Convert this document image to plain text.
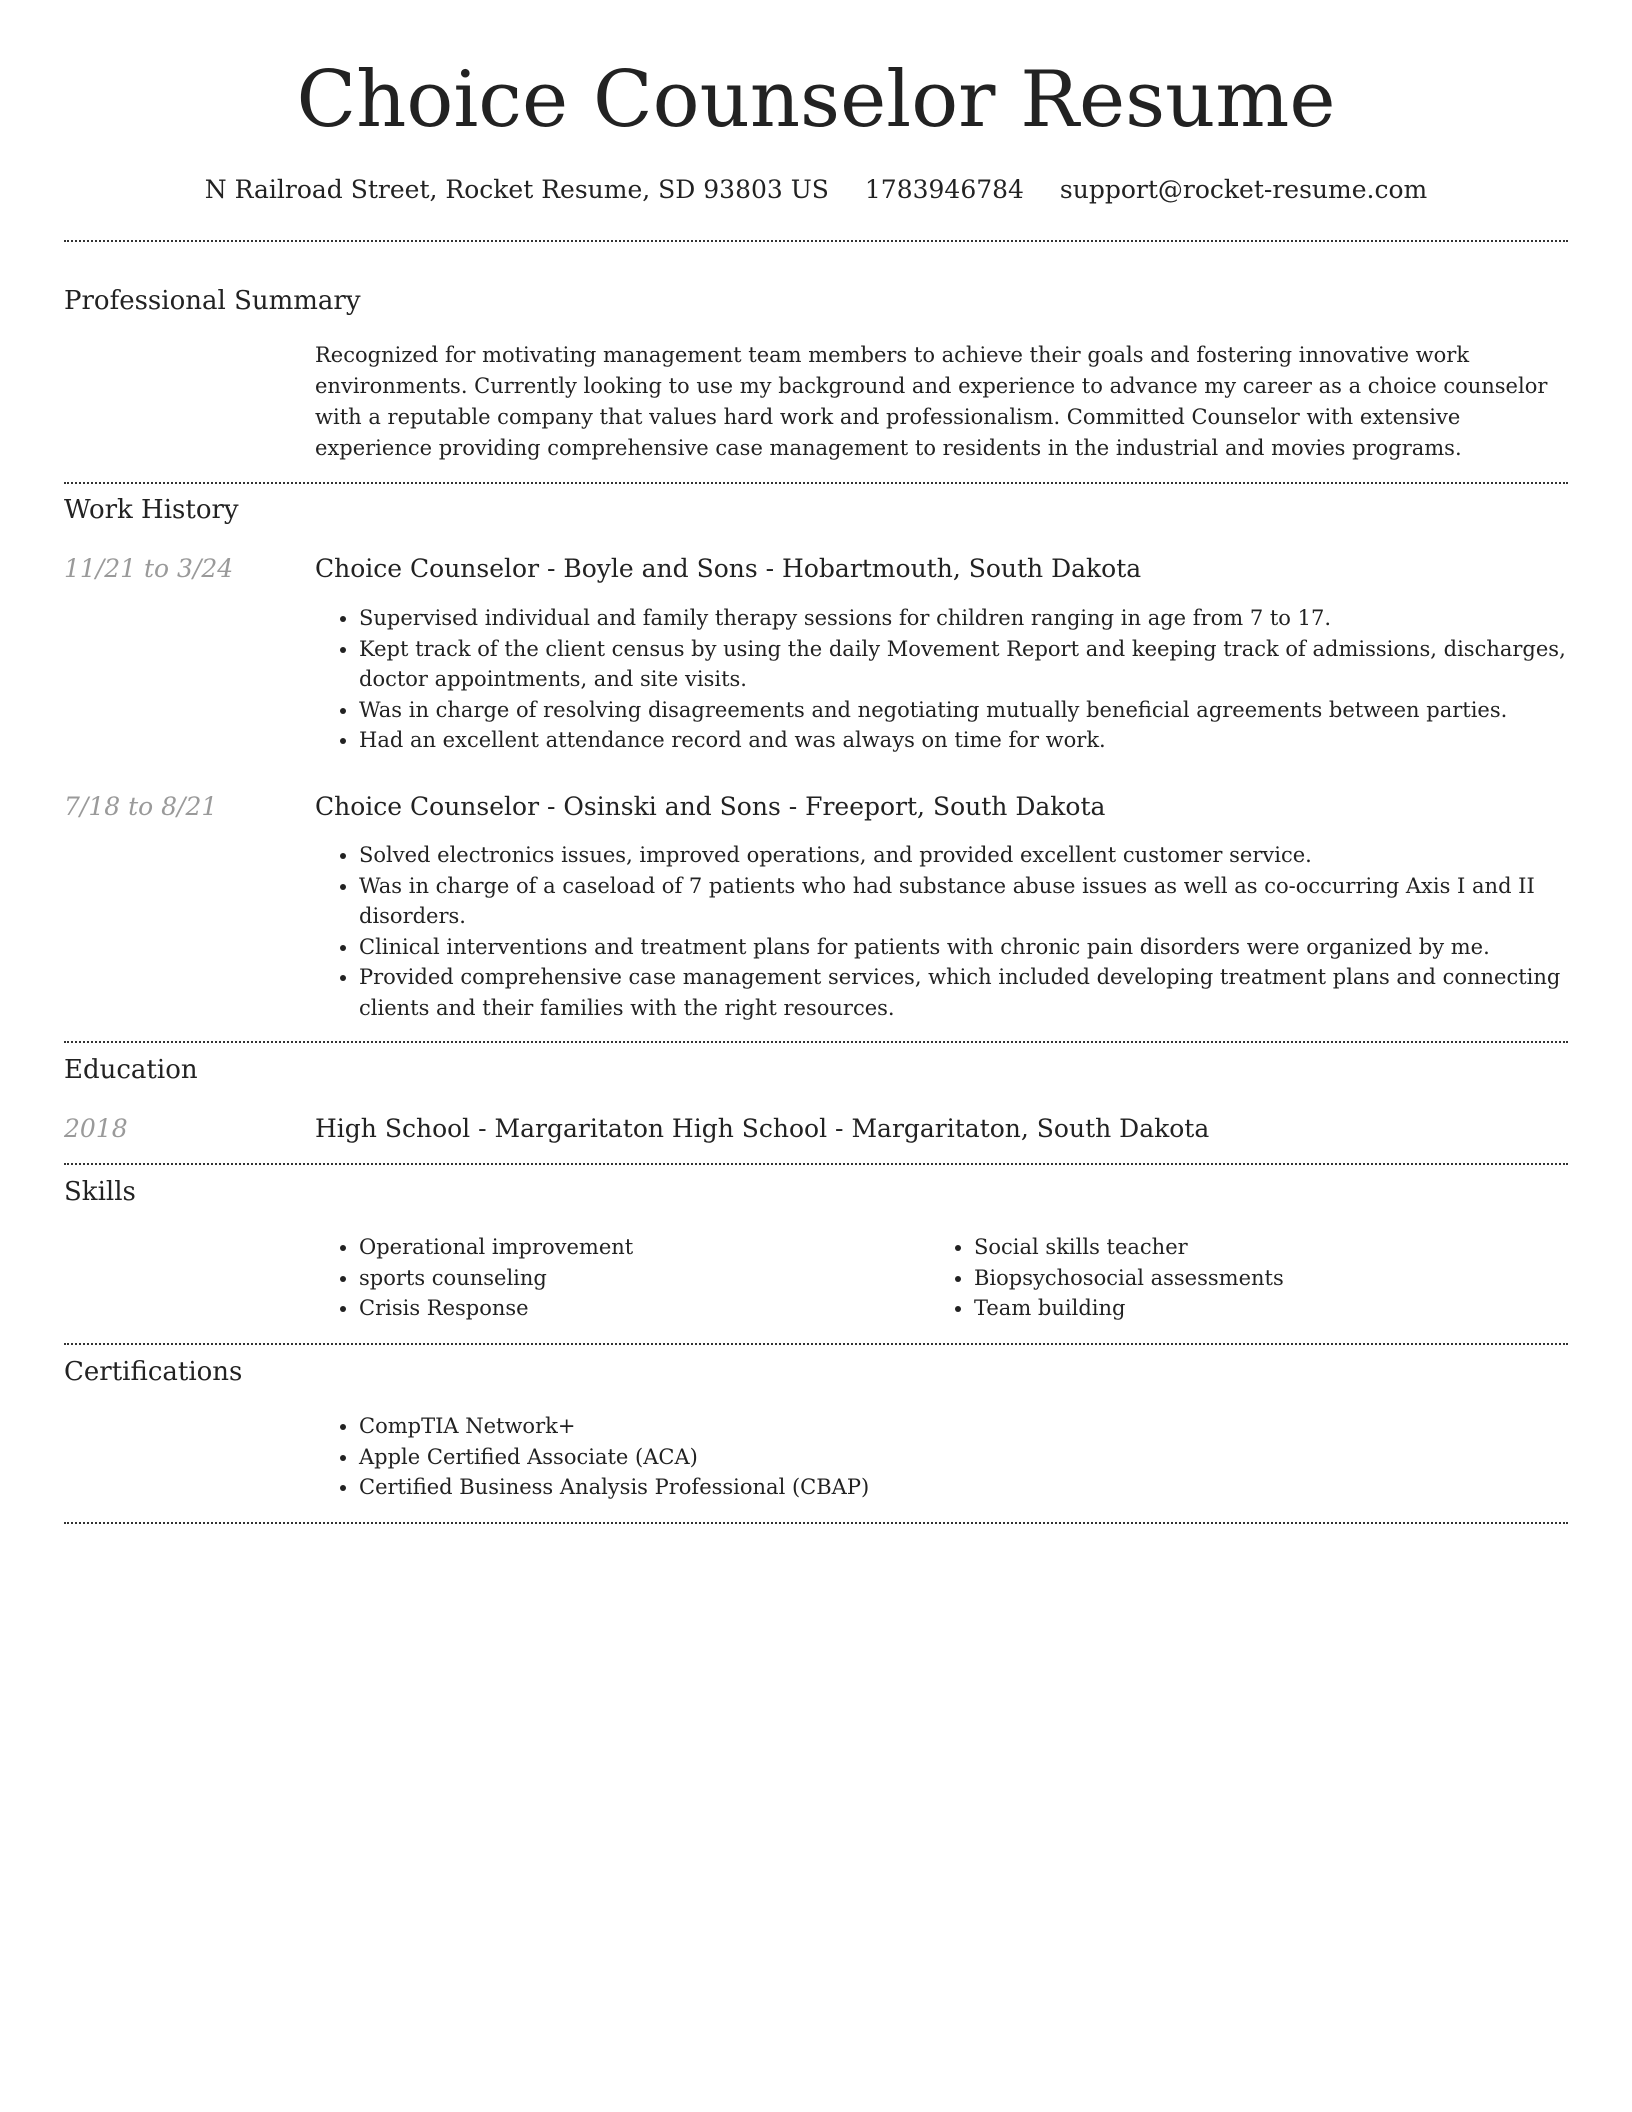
Choice Counselor Resume
N Railroad Street, Rocket Resume, SD 93803 US 1783946784 support@rocket-resume.com
Professional Summary

Recognized for motivating management team members to achieve their goals and fostering innovative work environments. Currently looking to use my background and experience to advance my career as a choice counselor with a reputable company that values hard work and professionalism. Committed Counselor with extensive experience providing comprehensive case management to residents in the industrial and movies programs.

Work History
11/21 to 3/24	Choice Counselor - Boyle and Sons - Hobartmouth, South Dakota
• Supervised individual and family therapy sessions for children ranging in age from 7 to 17.
• Kept track of the client census by using the daily Movement Report and keeping track of admissions, discharges, doctor appointments, and site visits.
• Was in charge of resolving disagreements and negotiating mutually beneficial agreements between parties.
• Had an excellent attendance record and was always on time for work.
7/18 to 8/21	Choice Counselor - Osinski and Sons - Freeport, South Dakota
• Solved electronics issues, improved operations, and provided excellent customer service.
• Was in charge of a caseload of 7 patients who had substance abuse issues as well as co-occurring Axis I and II disorders.
• Clinical interventions and treatment plans for patients with chronic pain disorders were organized by me.
• Provided comprehensive case management services, which included developing treatment plans and connecting clients and their families with the right resources.
Education
2018	High School - Margaritaton High School - Margaritaton, South Dakota
Skills
• Operational improvement
• sports counseling
• Crisis Response
• Social skills teacher
• Biopsychosocial assessments
• Team building
Certifications
• CompTIA Network+
• Apple Certified Associate (ACA)
• Certified Business Analysis Professional (CBAP)
